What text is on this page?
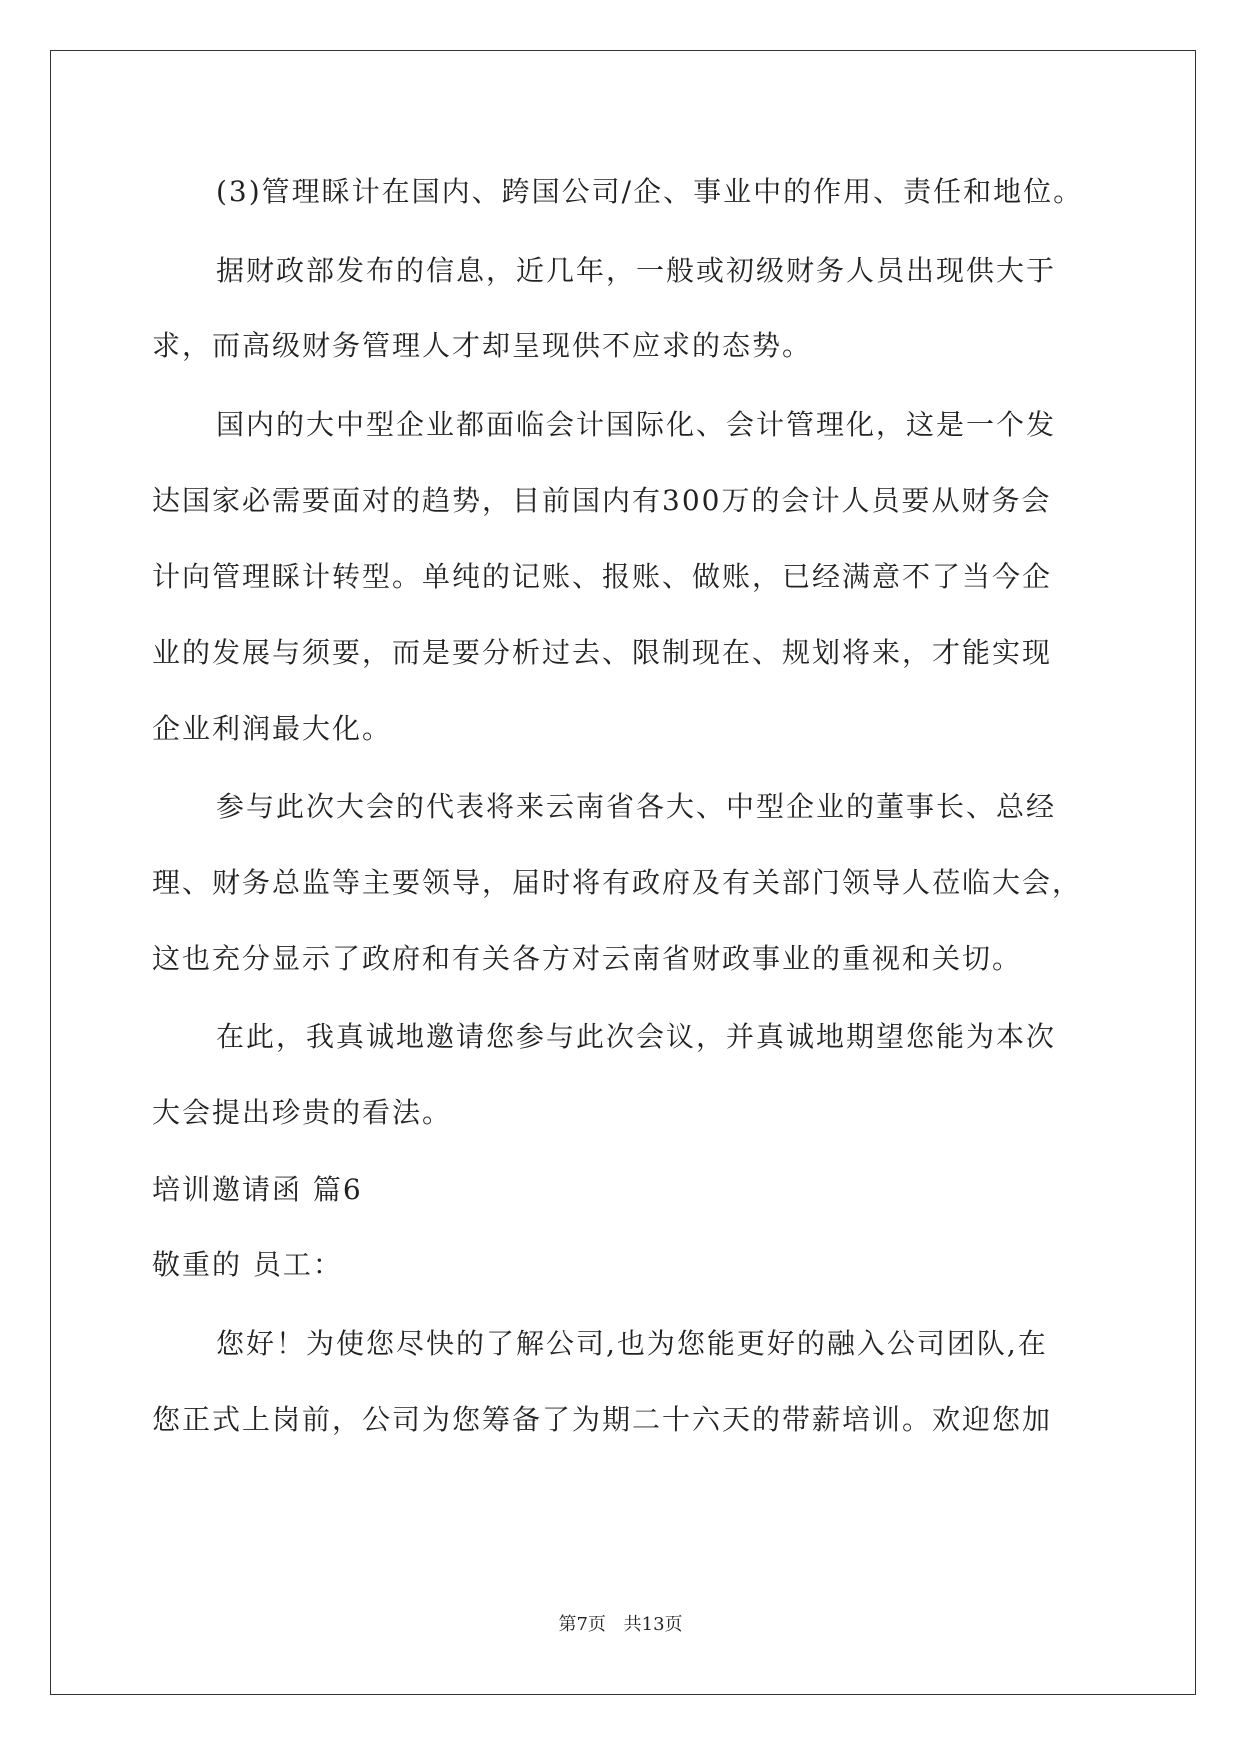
(3)管理睬计在国内、跨国公司/企、事业中的作用、责任和地位。
据财政部发布的信息，近几年，一般或初级财务人员出现供大于
求，而高级财务管理人才却呈现供不应求的态势。
国内的大中型企业都面临会计国际化、会计管理化，这是一个发
达国家必需要面对的趋势，目前国内有300万的会计人员要从财务会
计向管理睬计转型。单纯的记账、报账、做账，已经满意不了当今企
业的发展与须要，而是要分析过去、限制现在、规划将来，才能实现
企业利润最大化。
参与此次大会的代表将来云南省各大、中型企业的董事长、总经
理、财务总监等主要领导，届时将有政府及有关部门领导人莅临大会，
这也充分显示了政府和有关各方对云南省财政事业的重视和关切。
在此，我真诚地邀请您参与此次会议，并真诚地期望您能为本次
大会提出珍贵的看法。
培训邀请函 篇6
敬重的 员工：
您好！为使您尽快的了解公司,也为您能更好的融入公司团队,在
您正式上岗前，公司为您筹备了为期二十六天的带薪培训。欢迎您加
第7页 共13页
